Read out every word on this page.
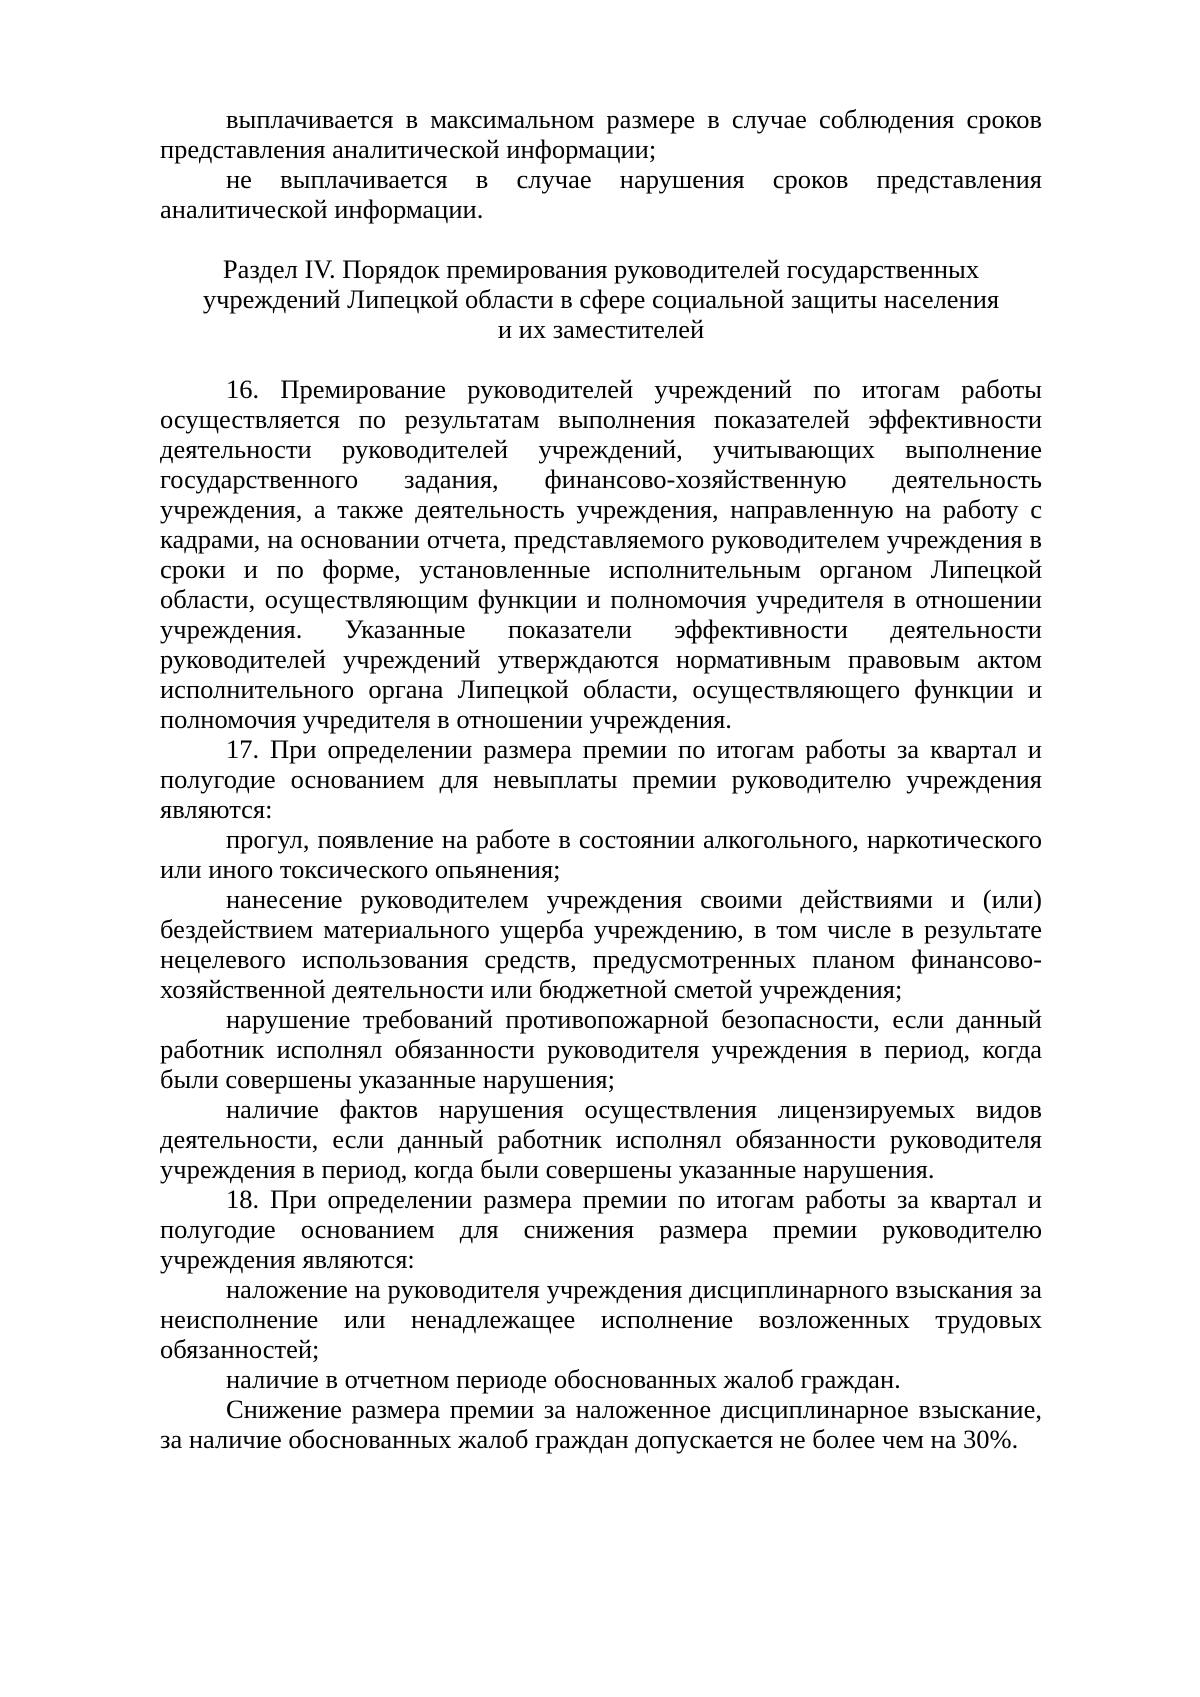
выплачивается в максимальном размере в случае соблюдения сроков представления аналитической информации;

не выплачивается в случае нарушения сроков представления аналитической информации.

Раздел IV. Порядок премирования руководителей государственных
учреждений Липецкой области в сфере социальной защиты населения
и их заместителей

16. Премирование руководителей учреждений по итогам работы осуществляется по результатам выполнения показателей эффективности деятельности руководителей учреждений, учитывающих выполнение государственного задания, финансово-хозяйственную деятельность учреждения, а также деятельность учреждения, направленную на работу с кадрами, на основании отчета, представляемого руководителем учреждения в сроки и по форме, установленные исполнительным органом Липецкой области, осуществляющим функции и полномочия учредителя в отношении учреждения. Указанные показатели эффективности деятельности руководителей учреждений утверждаются нормативным правовым актом исполнительного органа Липецкой области, осуществляющего функции и полномочия учредителя в отношении учреждения.

17. При определении размера премии по итогам работы за квартал и полугодие основанием для невыплаты премии руководителю учреждения являются:

прогул, появление на работе в состоянии алкогольного, наркотического или иного токсического опьянения;

нанесение руководителем учреждения своими действиями и (или) бездействием материального ущерба учреждению, в том числе в результате нецелевого использования средств, предусмотренных планом финансово-хозяйственной деятельности или бюджетной сметой учреждения;

нарушение требований противопожарной безопасности, если данный работник исполнял обязанности руководителя учреждения в период, когда были совершены указанные нарушения;

наличие фактов нарушения осуществления лицензируемых видов деятельности, если данный работник исполнял обязанности руководителя учреждения в период, когда были совершены указанные нарушения.

18. При определении размера премии по итогам работы за квартал и полугодие основанием для снижения размера премии руководителю учреждения являются:

наложение на руководителя учреждения дисциплинарного взыскания за неисполнение или ненадлежащее исполнение возложенных трудовых обязанностей;

наличие в отчетном периоде обоснованных жалоб граждан.

Снижение размера премии за наложенное дисциплинарное взыскание, за наличие обоснованных жалоб граждан допускается не более чем на 30%.
